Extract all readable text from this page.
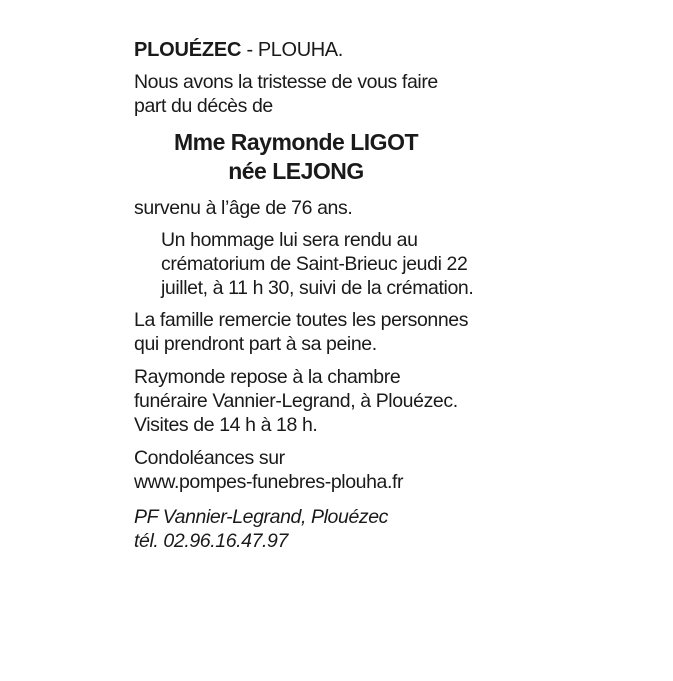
PLOUÉZEC - PLOUHA.

Nous avons la tristesse de vous faire part du décès de

Mme Raymonde LIGOT
née LEJONG

survenu à l’âge de 76 ans.

Un hommage lui sera rendu au crématorium de Saint-Brieuc jeudi 22 juillet, à 11 h 30, suivi de la crémation.

La famille remercie toutes les personnes qui prendront part à sa peine.

Raymonde repose à la chambre funéraire Vannier-Legrand, à Plouézec. Visites de 14 h à 18 h.

Condoléances sur
www.pompes-funebres-plouha.fr
PF Vannier-Legrand, Plouézec
tél. 02.96.16.47.97
